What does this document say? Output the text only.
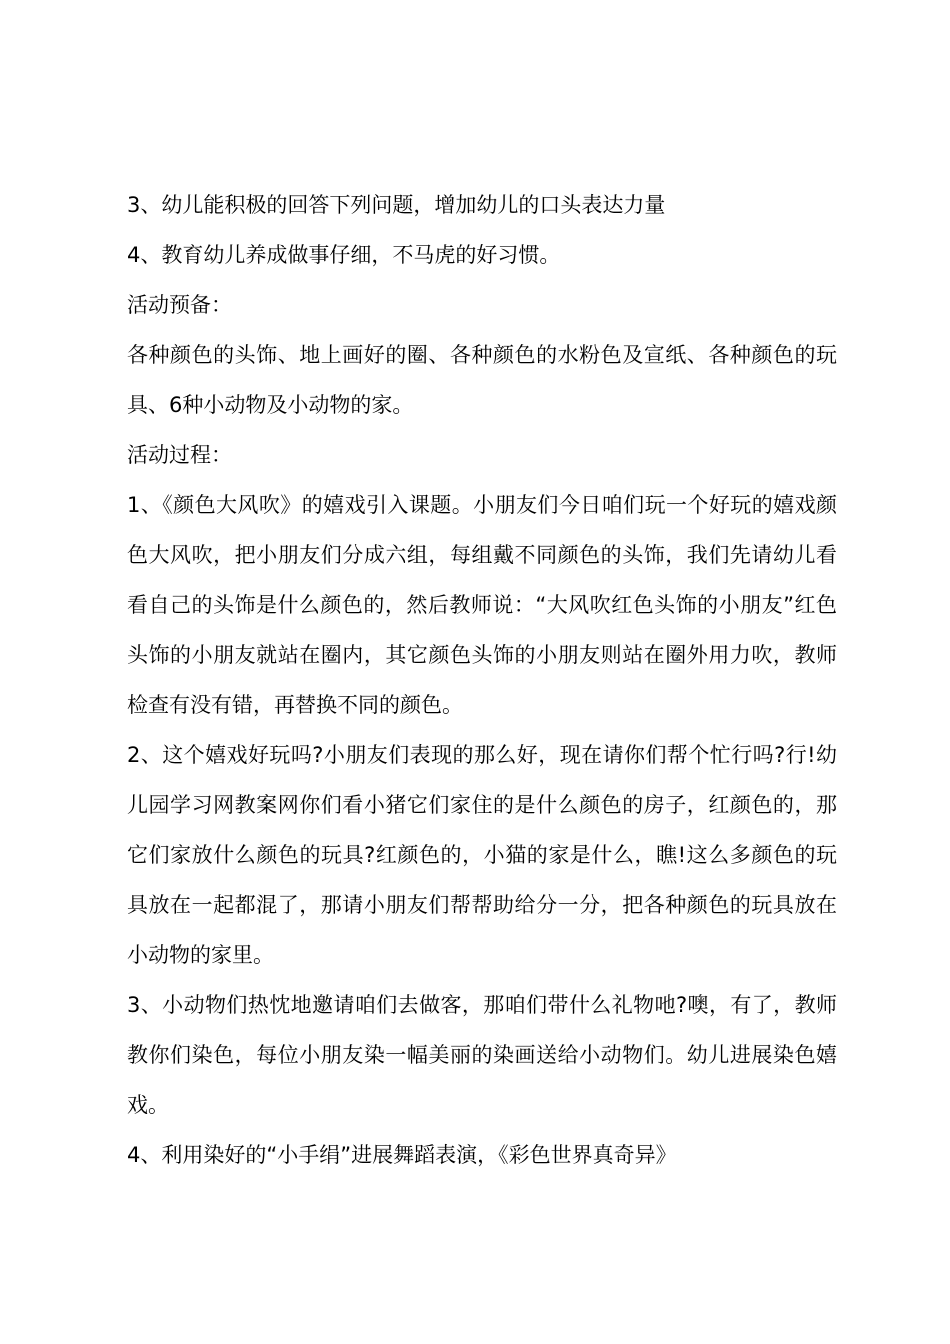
3、幼儿能积极的回答下列问题，增加幼儿的口头表达力量

4、教育幼儿养成做事仔细，不马虎的好习惯。

活动预备：

各种颜色的头饰、地上画好的圈、各种颜色的水粉色及宣纸、各种颜色的玩具、6种小动物及小动物的家。

活动过程：

1、《颜色大风吹》的嬉戏引入课题。小朋友们今日咱们玩一个好玩的嬉戏颜色大风吹，把小朋友们分成六组，每组戴不同颜色的头饰，我们先请幼儿看看自己的头饰是什么颜色的，然后教师说：“大风吹红色头饰的小朋友”红色头饰的小朋友就站在圈内，其它颜色头饰的小朋友则站在圈外用力吹，教师检查有没有错，再替换不同的颜色。

2、这个嬉戏好玩吗?小朋友们表现的那么好，现在请你们帮个忙行吗?行!幼儿园学习网教案网你们看小猪它们家住的是什么颜色的房子，红颜色的，那它们家放什么颜色的玩具?红颜色的，小猫的家是什么，瞧!这么多颜色的玩具放在一起都混了，那请小朋友们帮帮助给分一分，把各种颜色的玩具放在小动物的家里。

3、小动物们热忱地邀请咱们去做客，那咱们带什么礼物吔?噢，有了，教师教你们染色，每位小朋友染一幅美丽的染画送给小动物们。幼儿进展染色嬉戏。

4、利用染好的“小手绢”进展舞蹈表演，《彩色世界真奇异》
